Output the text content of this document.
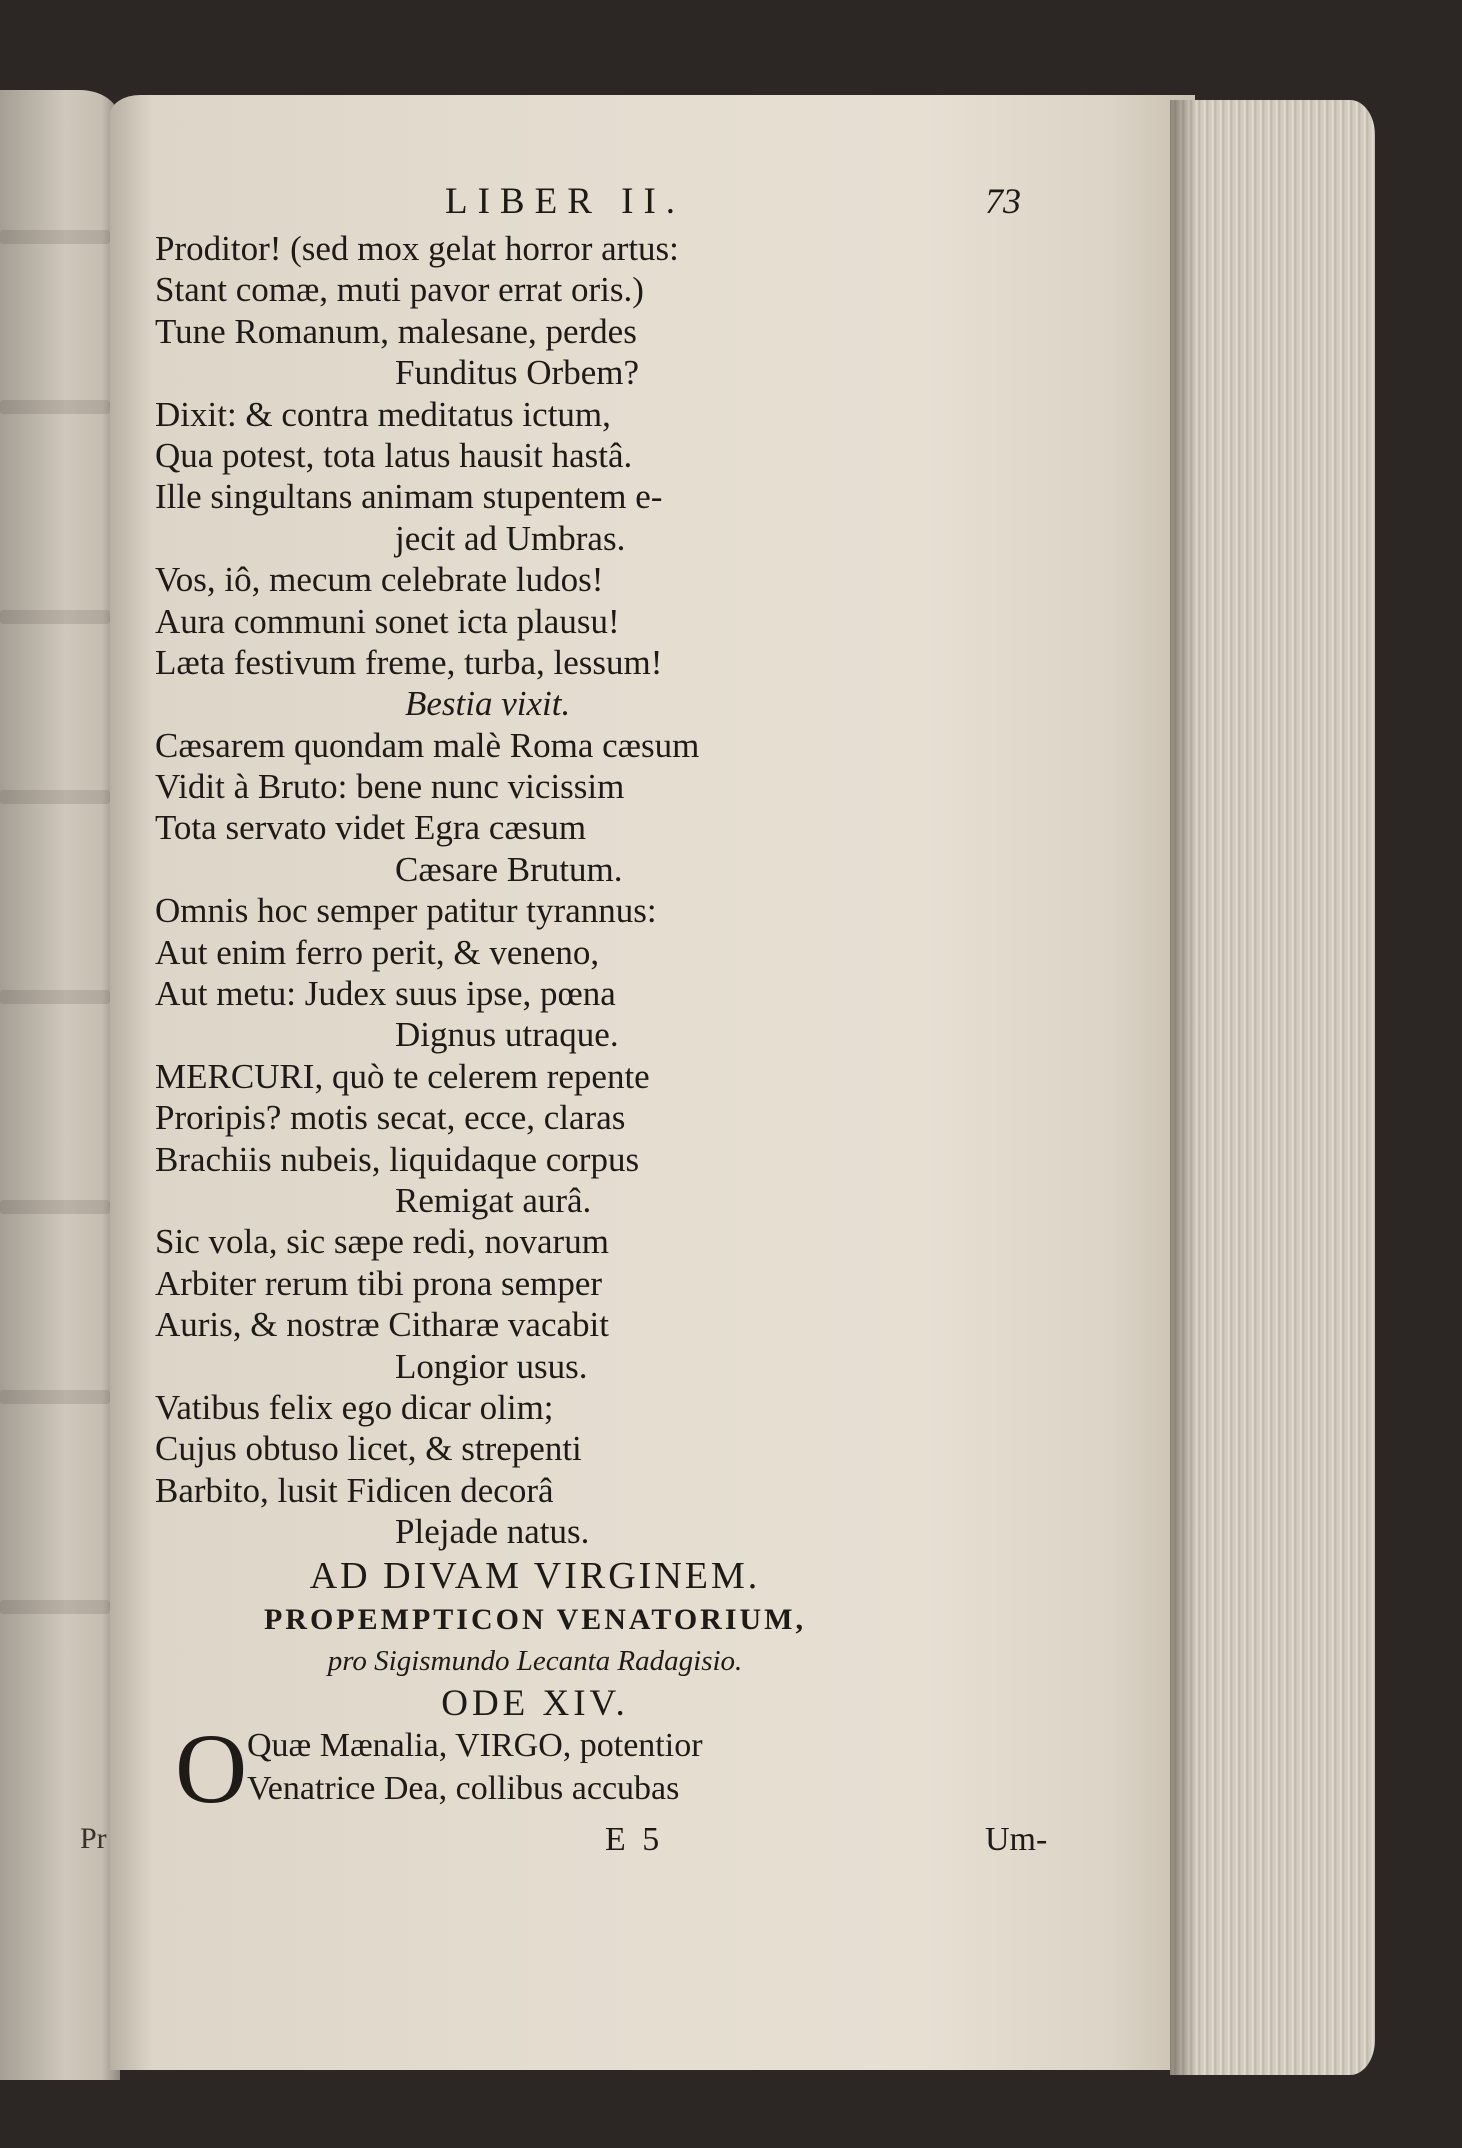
Pr
LIBER II.	73
Proditor! (sed mox gelat horror artus:
Stant comæ, muti pavor errat oris.)
Tune Romanum, malesane, perdes
Funditus Orbem?
Dixit: & contra meditatus ictum,
Qua potest, tota latus hausit hastâ.
Ille singultans animam stupentem e-
jecit ad Umbras.
Vos, iô, mecum celebrate ludos!
Aura communi sonet icta plausu!
Læta festivum freme, turba, lessum!
Bestia vixit.
Cæsarem quondam malè Roma cæsum
Vidit à Bruto: bene nunc vicissim
Tota servato videt Egra cæsum
Cæsare Brutum.
Omnis hoc semper patitur tyrannus:
Aut enim ferro perit, & veneno,
Aut metu: Judex suus ipse, pœna
Dignus utraque.
MERCURI, quò te celerem repente
Proripis? motis secat, ecce, claras
Brachiis nubeis, liquidaque corpus
Remigat aurâ.
Sic vola, sic sæpe redi, novarum
Arbiter rerum tibi prona semper
Auris, & nostræ Citharæ vacabit
Longior usus.
Vatibus felix ego dicar olim;
Cujus obtuso licet, & strepenti
Barbito, lusit Fidicen decorâ
Plejade natus.
AD DIVAM VIRGINEM.
PROPEMPTICON VENATORIUM,
pro Sigismundo Lecanta Radagisio.
ODE XIV.
O Quæ Mænalia, VIRGO, potentior
Venatrice Dea, collibus accubas
E 5	Um-
